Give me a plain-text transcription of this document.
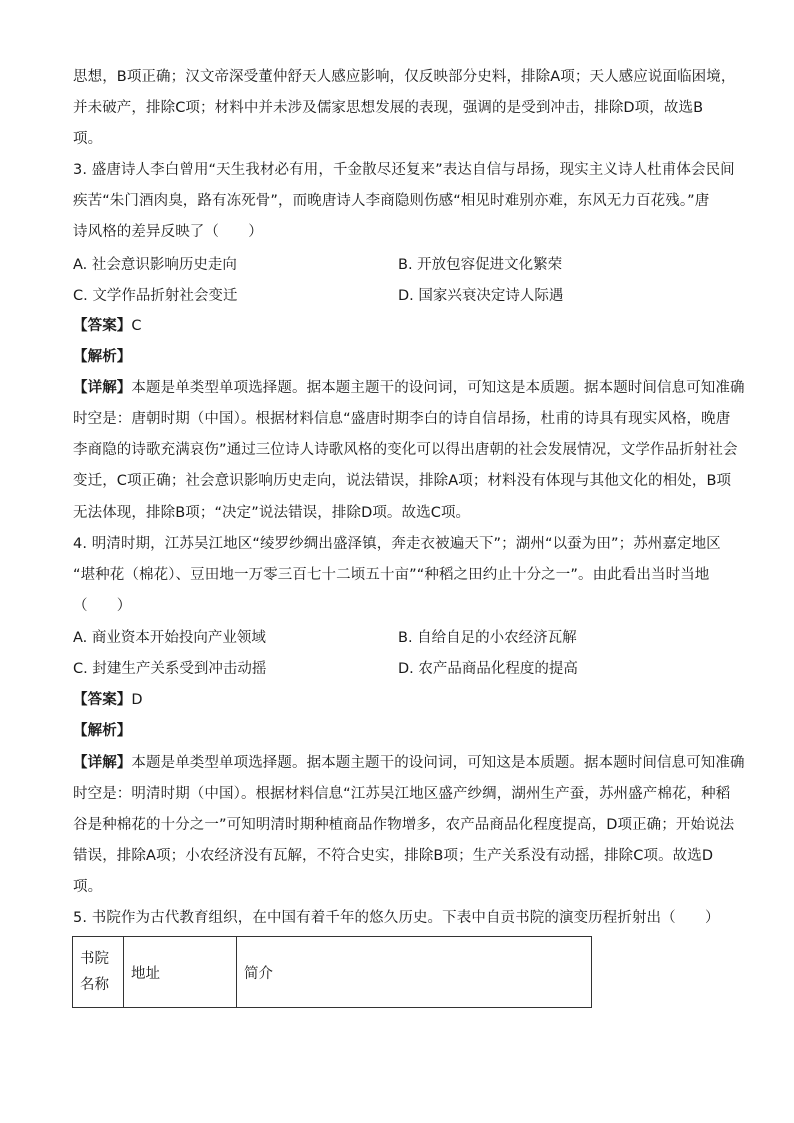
思想，B项正确；汉文帝深受董仲舒天人感应影响，仅反映部分史料，排除A项；天人感应说面临困境，
并未破产，排除C项；材料中并未涉及儒家思想发展的表现，强调的是受到冲击，排除D项，故选B
项。
3. 盛唐诗人李白曾用“天生我材必有用，千金散尽还复来”表达自信与昂扬，现实主义诗人杜甫体会民间
疾苦“朱门酒肉臭，路有冻死骨”，而晚唐诗人李商隐则伤感“相见时难别亦难，东风无力百花残。”唐
诗风格的差异反映了（　　）
A. 社会意识影响历史走向	B. 开放包容促进文化繁荣
C. 文学作品折射社会变迁	D. 国家兴衰决定诗人际遇
【答案】C
【解析】
【详解】本题是单类型单项选择题。据本题主题干的设问词，可知这是本质题。据本题时间信息可知准确
时空是：唐朝时期（中国）。根据材料信息“盛唐时期李白的诗自信昂扬，杜甫的诗具有现实风格，晚唐
李商隐的诗歌充满哀伤”通过三位诗人诗歌风格的变化可以得出唐朝的社会发展情况，文学作品折射社会
变迁，C项正确；社会意识影响历史走向，说法错误，排除A项；材料没有体现与其他文化的相处，B项
无法体现，排除B项；“决定”说法错误，排除D项。故选C项。
4. 明清时期，江苏吴江地区“绫罗纱绸出盛泽镇，奔走衣被遍天下”；湖州“以蚕为田”；苏州嘉定地区
“堪种花（棉花）、豆田地一万零三百七十二顷五十亩”“种稻之田约止十分之一”。由此看出当时当地
（　　）
A. 商业资本开始投向产业领域	B. 自给自足的小农经济瓦解
C. 封建生产关系受到冲击动摇	D. 农产品商品化程度的提高
【答案】D
【解析】
【详解】本题是单类型单项选择题。据本题主题干的设问词，可知这是本质题。据本题时间信息可知准确
时空是：明清时期（中国）。根据材料信息“江苏吴江地区盛产纱绸，湖州生产蚕，苏州盛产棉花，种稻
谷是种棉花的十分之一”可知明清时期种植商品作物增多，农产品商品化程度提高，D项正确；开始说法
错误，排除A项；小农经济没有瓦解，不符合史实，排除B项；生产关系没有动摇，排除C项。故选D
项。
5. 书院作为古代教育组织，在中国有着千年的悠久历史。下表中自贡书院的演变历程折射出（　　）
书院
名称
	地址	简介
